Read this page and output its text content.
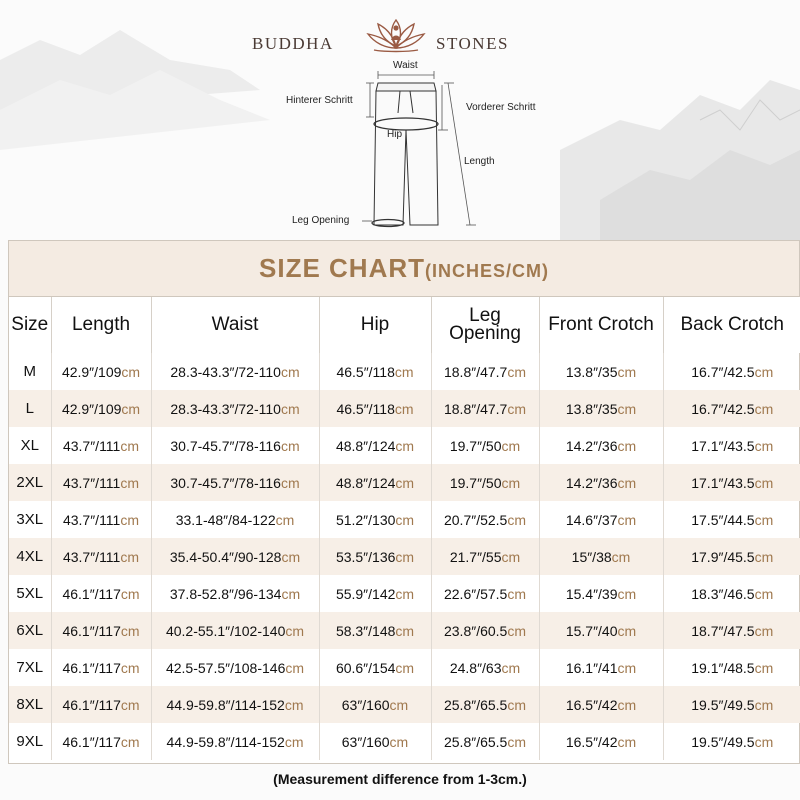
BUDDHA	STONES
Waist
Hinterer Schritt
Vorderer Schritt
Hip
Length
Leg Opening
SIZE CHART(INCHES/CM)
Size	Length	Waist	Hip	Leg Opening	Front Crotch	Back Crotch
M	42.9″/109cm	28.3-43.3″/72-110cm	46.5″/118cm	18.8″/47.7cm	13.8″/35cm	16.7″/42.5cm
L	42.9″/109cm	28.3-43.3″/72-110cm	46.5″/118cm	18.8″/47.7cm	13.8″/35cm	16.7″/42.5cm
XL	43.7″/111cm	30.7-45.7″/78-116cm	48.8″/124cm	19.7″/50cm	14.2″/36cm	17.1″/43.5cm
2XL	43.7″/111cm	30.7-45.7″/78-116cm	48.8″/124cm	19.7″/50cm	14.2″/36cm	17.1″/43.5cm
3XL	43.7″/111cm	33.1-48″/84-122cm	51.2″/130cm	20.7″/52.5cm	14.6″/37cm	17.5″/44.5cm
4XL	43.7″/111cm	35.4-50.4″/90-128cm	53.5″/136cm	21.7″/55cm	15″/38cm	17.9″/45.5cm
5XL	46.1″/117cm	37.8-52.8″/96-134cm	55.9″/142cm	22.6″/57.5cm	15.4″/39cm	18.3″/46.5cm
6XL	46.1″/117cm	40.2-55.1″/102-140cm	58.3″/148cm	23.8″/60.5cm	15.7″/40cm	18.7″/47.5cm
7XL	46.1″/117cm	42.5-57.5″/108-146cm	60.6″/154cm	24.8″/63cm	16.1″/41cm	19.1″/48.5cm
8XL	46.1″/117cm	44.9-59.8″/114-152cm	63″/160cm	25.8″/65.5cm	16.5″/42cm	19.5″/49.5cm
9XL	46.1″/117cm	44.9-59.8″/114-152cm	63″/160cm	25.8″/65.5cm	16.5″/42cm	19.5″/49.5cm
(Measurement difference from 1-3cm.)
